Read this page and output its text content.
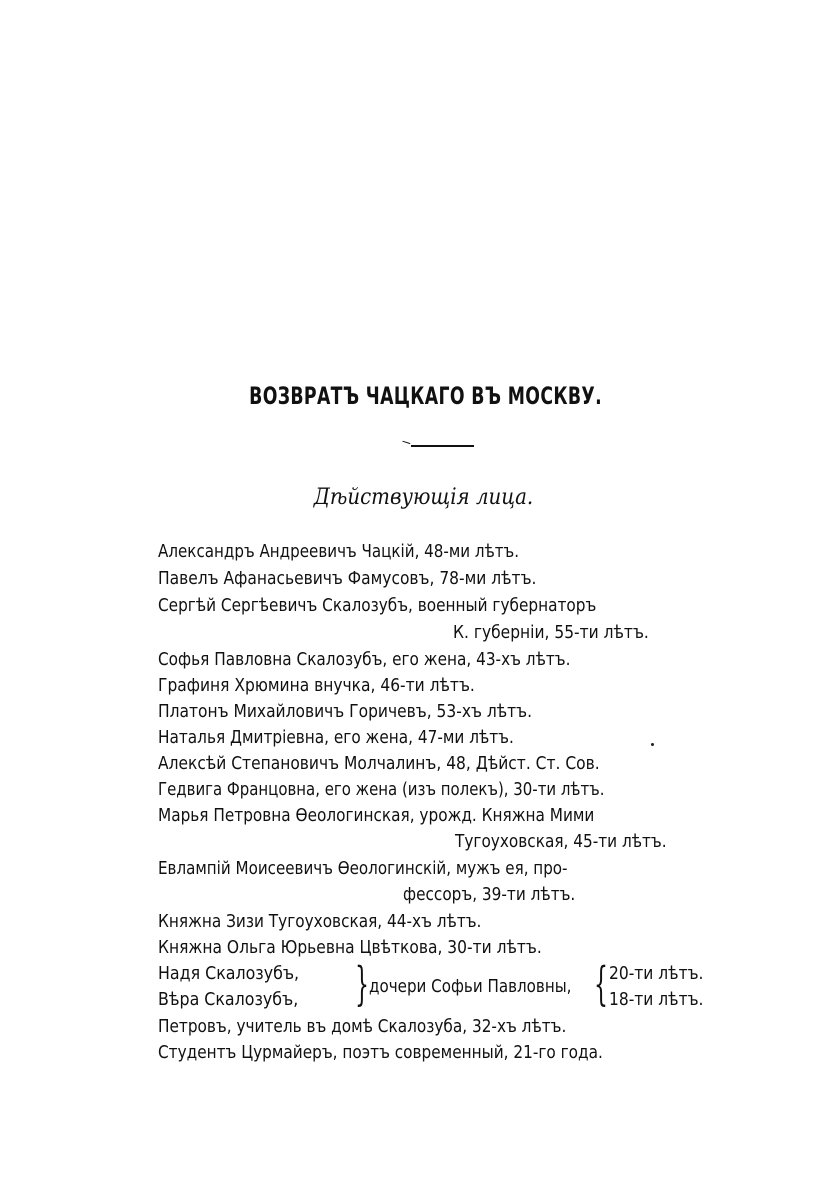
ВОЗВРАТЪ ЧАЦКАГО ВЪ МОСКВУ.
Дѣйствующія лица.
Александръ Андреевичъ Чацкій, 48-ми лѣтъ.
Павелъ Афанасьевичъ Фамусовъ, 78-ми лѣтъ.
Сергѣй Сергѣевичъ Скалозубъ, военный губернаторъ
К. губерніи, 55-ти лѣтъ.
Софья Павловна Скалозубъ, его жена, 43-хъ лѣтъ.
Графиня Хрюмина внучка, 46-ти лѣтъ.
Платонъ Михайловичъ Горичевъ, 53-хъ лѣтъ.
Наталья Дмитріевна, его жена, 47-ми лѣтъ.
Алексѣй Степановичъ Молчалинъ, 48, Дѣйст. Ст. Сов.
Гедвига Францовна, его жена (изъ полекъ), 30-ти лѣтъ.
Марья Петровна Ѳеологинская, урожд. Княжна Мими
Тугоуховская, 45-ти лѣтъ.
Евлампій Моисеевичъ Ѳеологинскій, мужъ ея, про-
фессоръ, 39-ти лѣтъ.
Княжна Зизи Тугоуховская, 44-хъ лѣтъ.
Княжна Ольга Юрьевна Цвѣткова, 30-ти лѣтъ.
Надя Скалозубъ,
Вѣра Скалозубъ,	} дочери Софьи Павловны, { 20-ти лѣтъ.
18-ти лѣтъ.
Петровъ, учитель въ домѣ Скалозуба, 32-хъ лѣтъ.
Студентъ Цурмайеръ, поэтъ современный, 21-го года.
